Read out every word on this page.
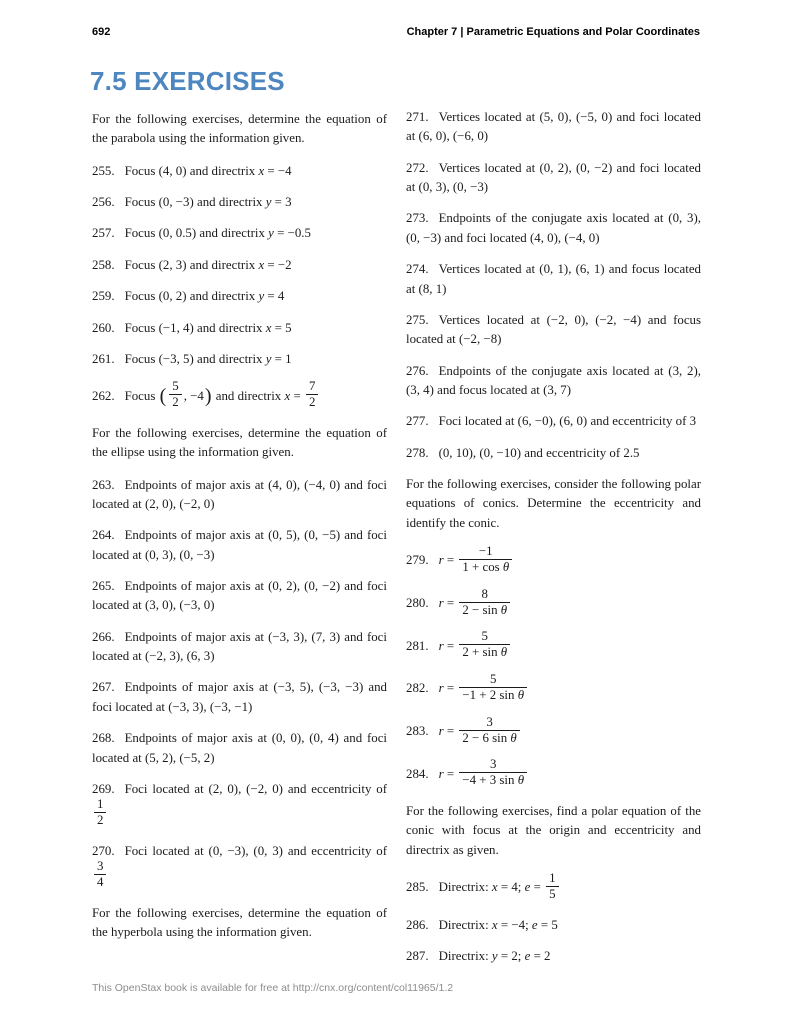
692	Chapter 7 | Parametric Equations and Polar Coordinates
7.5 EXERCISES
For the following exercises, determine the equation of the parabola using the information given.
255. Focus (4, 0) and directrix x = −4
256. Focus (0, −3) and directrix y = 3
257. Focus (0, 0.5) and directrix y = −0.5
258. Focus (2, 3) and directrix x = −2
259. Focus (0, 2) and directrix y = 4
260. Focus (−1, 4) and directrix x = 5
261. Focus (−3, 5) and directrix y = 1
262. Focus ( $\frac{5}{2}$ , −4) and directrix $x = \frac{7}{2}$
For the following exercises, determine the equation of the ellipse using the information given.
263. Endpoints of major axis at (4, 0), (−4, 0) and foci located at (2, 0), (−2, 0)
264. Endpoints of major axis at (0, 5), (0, −5) and foci located at (0, 3), (0, −3)
265. Endpoints of major axis at (0, 2), (0, −2) and foci located at (3, 0), (−3, 0)
266. Endpoints of major axis at (−3, 3), (7, 3) and foci located at (−2, 3), (6, 3)
267. Endpoints of major axis at (−3, 5), (−3, −3) and foci located at (−3, 3), (−3, −1)
268. Endpoints of major axis at (0, 0), (0, 4) and foci located at (5, 2), (−5, 2)
269. Foci located at (2, 0), (−2, 0) and eccentricity of
$\frac{1}{2}$
270. Foci located at (0, −3), (0, 3) and eccentricity of
$\frac{3}{4}$
For the following exercises, determine the equation of the hyperbola using the information given.
271. Vertices located at (5, 0), (−5, 0) and foci located at (6, 0), (−6, 0)
272. Vertices located at (0, 2), (0, −2) and foci located at (0, 3), (0, −3)
273. Endpoints of the conjugate axis located at (0, 3), (0, −3) and foci located (4, 0), (−4, 0)
274. Vertices located at (0, 1), (6, 1) and focus located at (8, 1)
275. Vertices located at (−2, 0), (−2, −4) and focus located at (−2, −8)
276. Endpoints of the conjugate axis located at (3, 2), (3, 4) and focus located at (3, 7)
277. Foci located at (6, −0), (6, 0) and eccentricity of 3
278. (0, 10), (0, −10) and eccentricity of 2.5
For the following exercises, consider the following polar equations of conics. Determine the eccentricity and identify the conic.
279. $r = \frac{-1}{\text{1 + cos θ}}$
280. $r = \frac{8}{\text{2 − sin θ}}$
281. $r = \frac{5}{\text{2 + sin θ}}$
282. $r = \frac{5}{\text{−1 + 2 sin θ}}$
283. $r = \frac{3}{\text{2 − 6 sin θ}}$
284. $r = \frac{3}{\text{−4 + 3 sin θ}}$
For the following exercises, find a polar equation of the conic with focus at the origin and eccentricity and directrix as given.
285. Directrix: x = 4; $e = \frac{1}{5}$
286. Directrix: x = −4; e = 5
287. Directrix: y = 2; e = 2
This OpenStax book is available for free at http://cnx.org/content/col11965/1.2
